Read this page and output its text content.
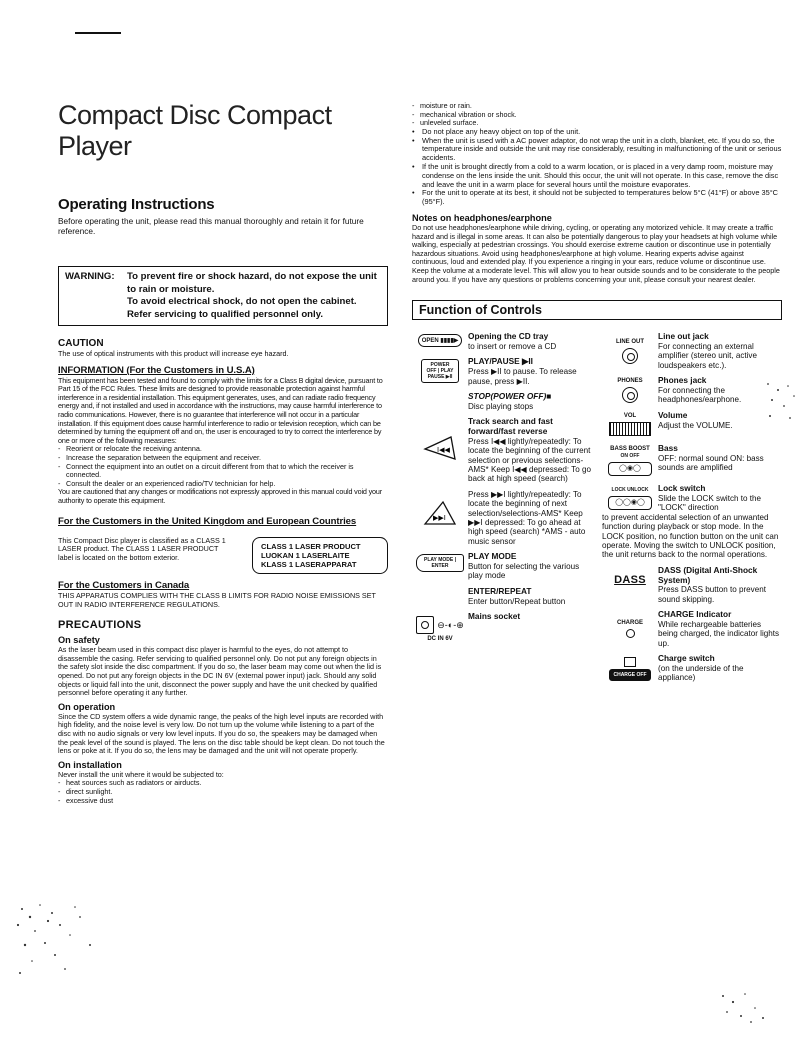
Compact Disc Compact Player
Operating Instructions

Before operating the unit, please read this manual thoroughly and retain it for future reference.

WARNING:	To prevent fire or shock hazard, do not expose the unit to rain or moisture.
To avoid electrical shock, do not open the cabinet.
Refer servicing to qualified personnel only.
CAUTION

The use of optical instruments with this product will increase eye hazard.

INFORMATION (For the Customers in U.S.A)

This equipment has been tested and found to comply with the limits for a Class B digital device, pursuant to Part 15 of the FCC Rules. These limits are designed to provide reasonable protection against harmful interference in a residential installation. This equipment generates, uses, and can radiate radio frequency energy and, if not installed and used in accordance with the instructions, may cause harmful interference to radio communications. However, there is no guarantee that interference will not occur in a particular installation. If this equipment does cause harmful interference to radio or television reception, which can be determined by turning the equipment off and on, the user is encouraged to try to correct the interference by one or more of the following measures:

- Reorient or relocate the receiving antenna.
- Increase the separation between the equipment and receiver.
- Connect the equipment into an outlet on a circuit different from that to which the receiver is connected.
- Consult the dealer or an experienced radio/TV technician for help.

You are cautioned that any changes or modifications not expressly approved in this manual could void your authority to operate this equipment.

For the Customers in the United Kingdom and European Countries

This Compact Disc player is classified as a CLASS 1 LASER product. The CLASS 1 LASER PRODUCT label is located on the bottom exterior.

CLASS 1 LASER PRODUCT
LUOKAN 1 LASERLAITE
KLASS 1 LASERAPPARAT
For the Customers in Canada

THIS APPARATUS COMPLIES WITH THE CLASS B LIMITS FOR RADIO NOISE EMISSIONS SET OUT IN RADIO INTERFERENCE REGULATIONS.

PRECAUTIONS
On safety

As the laser beam used in this compact disc player is harmful to the eyes, do not attempt to disassemble the casing. Refer servicing to qualified personnel only. Do not put any foreign objects in the safety slot inside the disc compartment. If you do so, the laser beam may come out when the lid is opened. Do not put any foreign objects in the DC IN 6V (external power input) jack. Should any solid objects or liquid fall into the unit, disconnect the power supply and have the unit checked by qualified personnel before operating it any further.

On operation

Since the CD system offers a wide dynamic range, the peaks of the high level inputs are recorded with high fidelity, and the noise level is very low. Do not turn up the volume while listening to a part of the disc with no audio signals or very low level inputs. If you do so, the speakers may be damaged when the peak level of the sound is played. The lens on the disc table should be kept clean. Do not touch the lens or poke at it. If you do so, the lens may be damaged and the unit will not operate properly.

On installation

Never install the unit where it would be subjected to:

- heat sources such as radiators or airducts.
- direct sunlight.
- excessive dust
- moisture or rain.
- mechanical vibration or shock.
- unleveled surface.
• Do not place any heavy object on top of the unit.
• When the unit is used with a AC power adaptor, do not wrap the unit in a cloth, blanket, etc. If you do so, the temperature inside and outside the unit may rise considerably, resulting in malfunctioning of the unit or serious accidents.
• If the unit is brought directly from a cold to a warm location, or is placed in a very damp room, moisture may condense on the lens inside the unit. Should this occur, the unit will not operate. In this case, remove the disc and leave the unit in a warm place for several hours until the moisture evaporates.
• For the unit to operate at its best, it should not be subjected to temperatures below 5°C (41°F) or above 35°C (95°F).
Notes on headphones/earphone

Do not use headphones/earphone while driving, cycling, or operating any motorized vehicle. It may create a traffic hazard and is illegal in some areas. It can also be potentially dangerous to play your headsets at high volume while walking, especially at pedestrian crossings. You should exercise extreme caution or discontinue use in potentially hazardous situations. Avoid using headphones/earphone at high volume. Hearing experts advise against continuous, loud and extended play. If you experience a ringing in your ears, reduce volume or discontinue use. Keep the volume at a moderate level. This will allow you to hear outside sounds and to be considerate to the people around you. If you have any questions or problems concerning your unit, please consult your nearest dealer.

Function of Controls
OPEN ▮▮▮▮▶	Opening the CD tray
to insert or remove a CD
POWER OFF | PLAY PAUSE ▶II
PLAY/PAUSE ▶II
Press ▶II to pause. To release pause, press ▶II.
STOP(POWER OFF)■
Disc playing stops
I◀◀
Track search and fast forward/fast reverse
Press I◀◀ lightly/repeatedly: To locate the beginning of the current selection or previous selections-AMS* Keep I◀◀ depressed: To go back at high speed (search)
▶▶I
Press ▶▶I lightly/repeatedly: To locate the beginning of next selection/selections-AMS* Keep ▶▶I depressed: To go ahead at high speed (search) *AMS - auto music sensor
PLAY MODE | ENTER
PLAY MODE
Button for selecting the various play mode
ENTER/REPEAT
Enter button/Repeat button
⊖-◐-⊕
DC IN 6V
Mains socket
LINE OUT
Line out jack
For connecting an external amplifier (stereo unit, active loudspeakers etc.).
PHONES Phones jack
For connecting the headphones/earphone.
VOL	Volume
Adjust the VOLUME.
BASS BOOST
ON OFF
◯◉◯
Bass
OFF: normal sound ON: bass sounds are amplified
LOCK UNLOCK
◯◯◉◯
Lock switch
Slide the LOCK switch to the "LOCK" direction
to prevent accidental selection of an unwanted function during playback or stop mode. In the LOCK position, no function button on the unit can operate. Moving the switch to UNLOCK position, the unit returns back to the normal operations.
DASS
DASS (Digital Anti-Shock System)
Press DASS button to prevent sound skipping.
CHARGE
CHARGE Indicator
While rechargeable batteries being charged, the indicator lights up.
CHARGE OFF
Charge switch
(on the underside of the appliance)
